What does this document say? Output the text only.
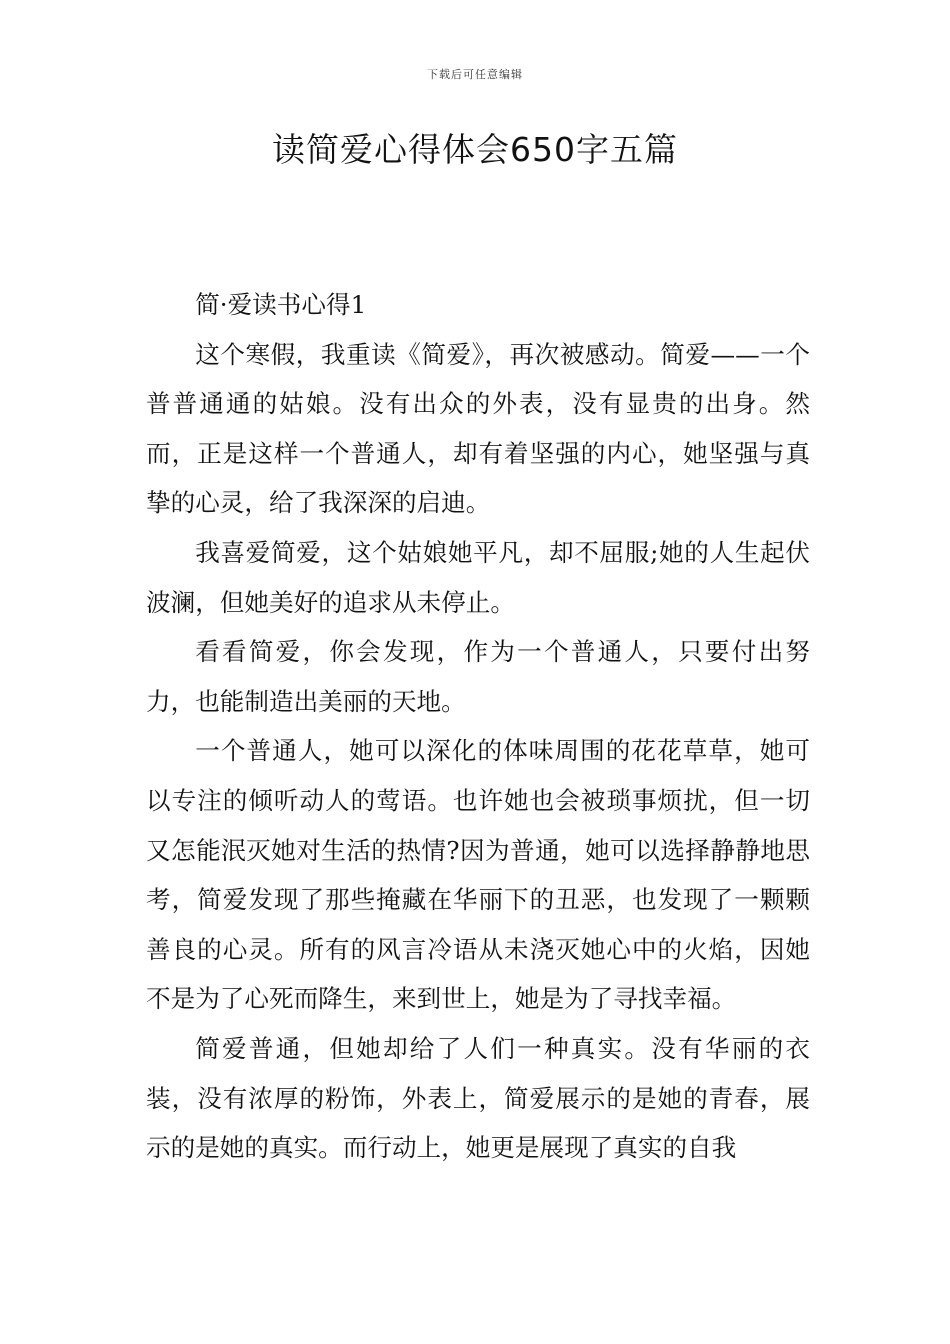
下载后可任意编辑
读简爱心得体会650字五篇

简·爱读书心得1

这个寒假，我重读《简爱》，再次被感动。简爱——一个普普通通的姑娘。没有出众的外表，没有显贵的出身。然而，正是这样一个普通人，却有着坚强的内心，她坚强与真挚的心灵，给了我深深的启迪。

我喜爱简爱，这个姑娘她平凡，却不屈服;她的人生起伏波澜，但她美好的追求从未停止。

看看简爱，你会发现，作为一个普通人，只要付出努力，也能制造出美丽的天地。

一个普通人，她可以深化的体味周围的花花草草，她可以专注的倾听动人的莺语。也许她也会被琐事烦扰，但一切又怎能泯灭她对生活的热情?因为普通，她可以选择静静地思考，简爱发现了那些掩藏在华丽下的丑恶，也发现了一颗颗善良的心灵。所有的风言冷语从未浇灭她心中的火焰，因她不是为了心死而降生，来到世上，她是为了寻找幸福。

简爱普通，但她却给了人们一种真实。没有华丽的衣装，没有浓厚的粉饰，外表上，简爱展示的是她的青春，展示的是她的真实。而行动上，她更是展现了真实的自我
